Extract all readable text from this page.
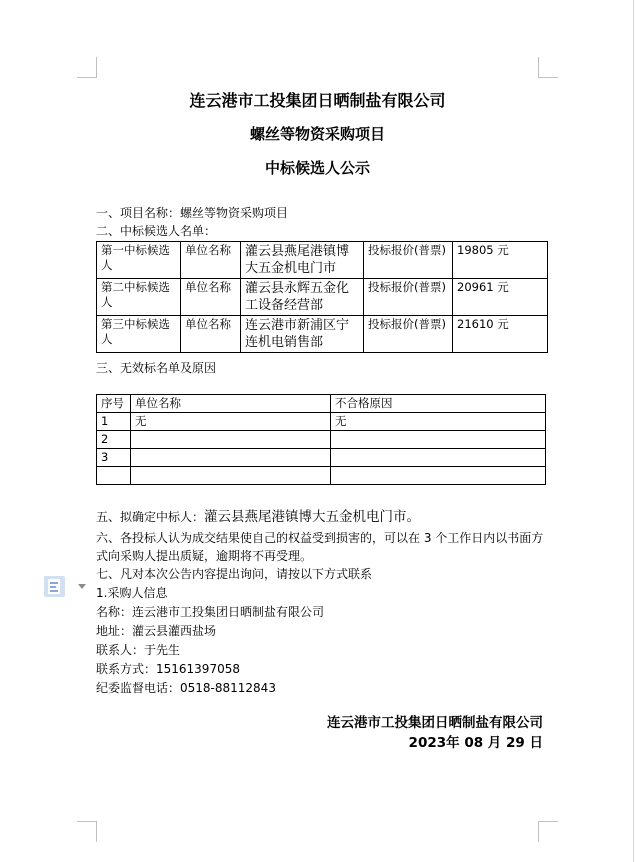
连云港市工投集团日晒制盐有限公司
螺丝等物资采购项目
中标候选人公示
一、项目名称：螺丝等物资采购项目
二、中标候选人名单：
第一中标候选人	单位名称	灌云县燕尾港镇博大五金机电门市	投标报价(普票)	19805 元
第二中标候选人	单位名称	灌云县永辉五金化工设备经营部	投标报价(普票)	20961 元
第三中标候选人	单位名称	连云港市新浦区宁连机电销售部	投标报价(普票)	21610 元
三、无效标名单及原因
序号	单位名称	不合格原因
1	无	无
2		
3		

五、拟确定中标人：灌云县燕尾港镇博大五金机电门市。
六、各投标人认为成交结果使自己的权益受到损害的，可以在 3 个工作日内以书面方式向采购人提出质疑，逾期将不再受理。
七、凡对本次公告内容提出询问，请按以下方式联系
1.采购人信息
名称：连云港市工投集团日晒制盐有限公司
地址：灌云县灌西盐场
联系人：于先生
联系方式：15161397058
纪委监督电话：0518-88112843
连云港市工投集团日晒制盐有限公司
2023年 08 月 29 日
